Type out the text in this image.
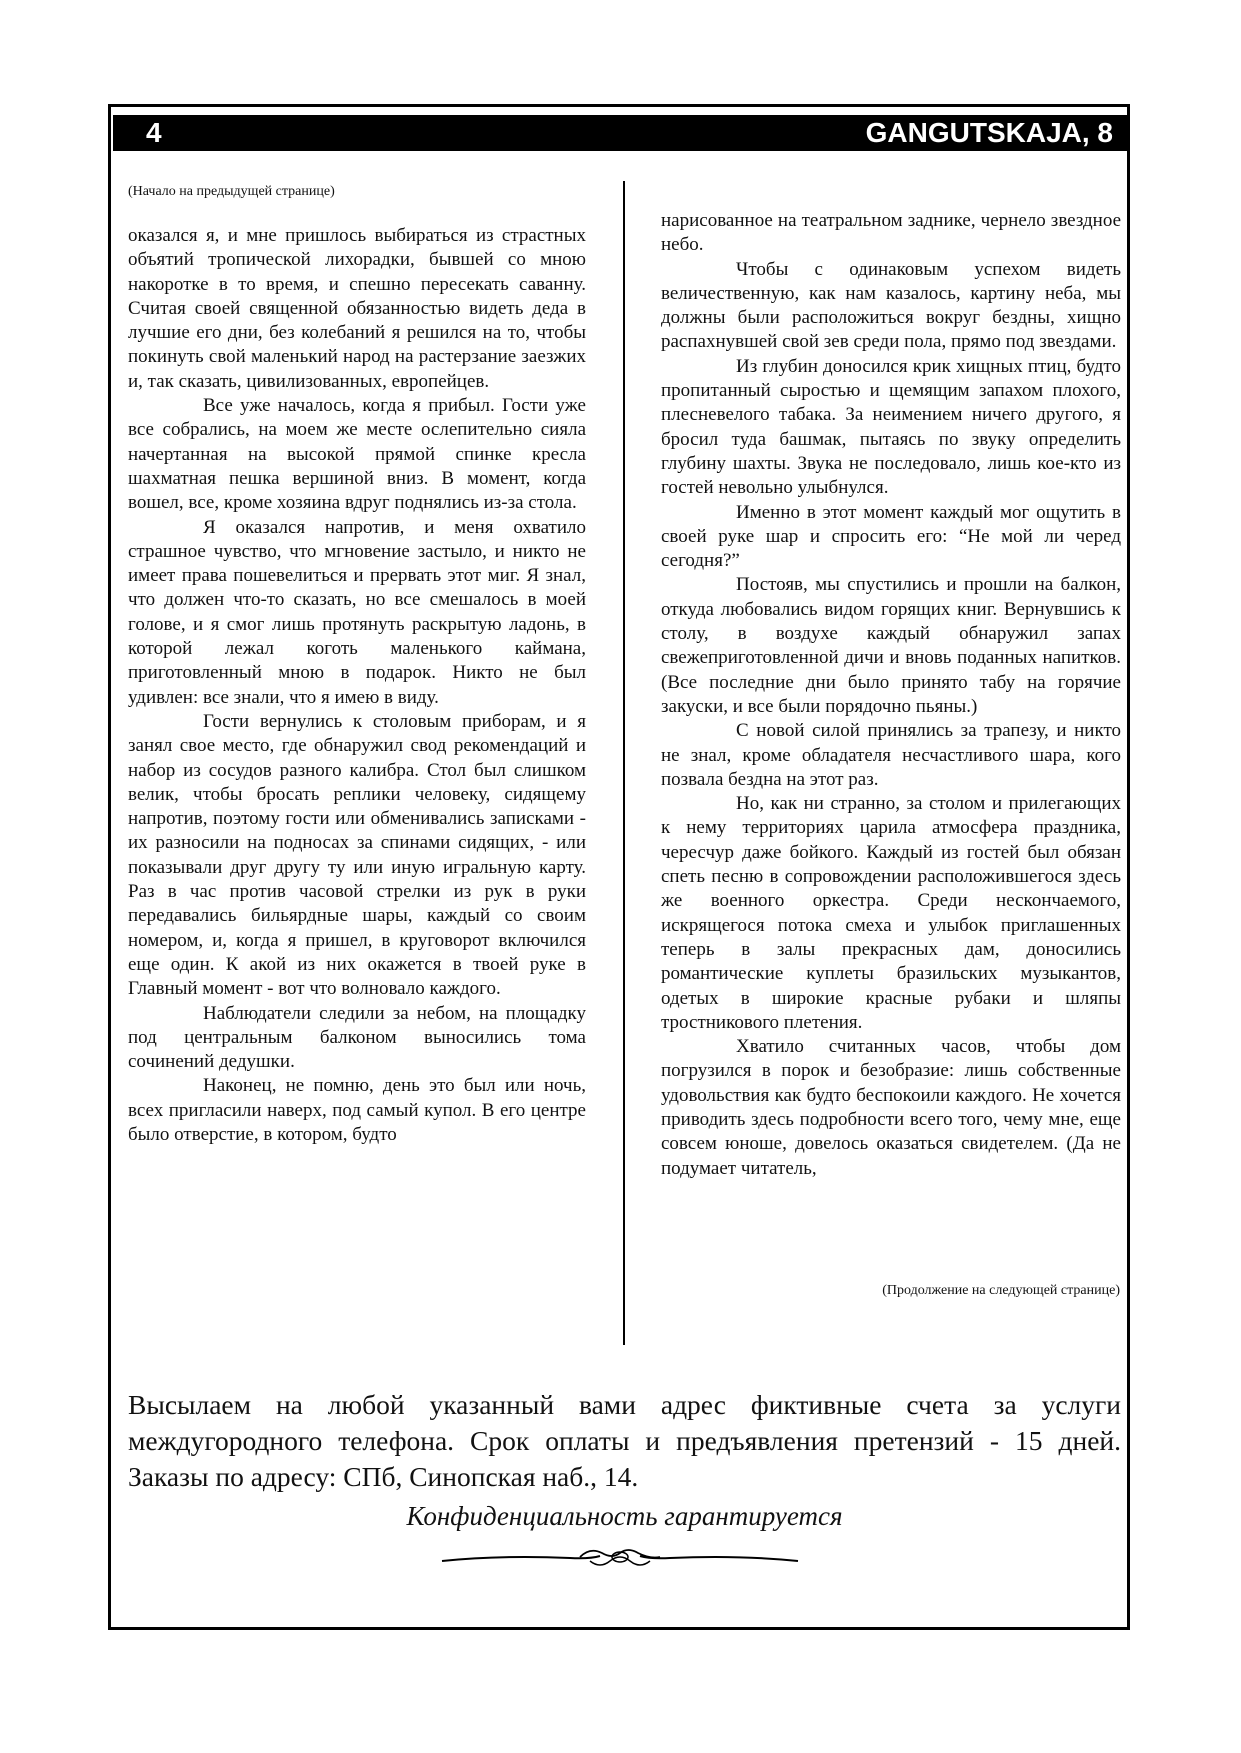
4	GANGUTSKAJA, 8
(Начало на предыдущей странице)

оказался я, и мне пришлось выбираться из страстных объятий тропической лихорадки, бывшей со мною накоротке в то время, и спешно пересекать саванну. Считая своей священной обязанностью видеть деда в лучшие его дни, без колебаний я решился на то, чтобы покинуть свой маленький народ на растерзание заезжих и, так сказать, цивилизованных, европейцев.

Все уже началось, когда я прибыл. Гости уже все собрались, на моем же месте ослепительно сияла начертанная на высокой прямой спинке кресла шахматная пешка вершиной вниз. В момент, когда вошел, все, кроме хозяина вдруг поднялись из-за стола.

Я оказался напротив, и меня охватило страшное чувство, что мгновение застыло, и никто не имеет права пошевелиться и прервать этот миг. Я знал, что должен что-то сказать, но все смешалось в моей голове, и я смог лишь протянуть раскрытую ладонь, в которой лежал коготь маленького каймана, приготовленный мною в подарок. Никто не был удивлен: все знали, что я имею в виду.

Гости вернулись к столовым приборам, и я занял свое место, где обнаружил свод рекомендаций и набор из сосудов разного калибра. Стол был слишком велик, чтобы бросать реплики человеку, сидящему напротив, поэтому гости или обменивались записками - их разносили на подносах за спинами сидящих, - или показывали друг другу ту или иную игральную карту. Раз в час против часовой стрелки из рук в руки передавались бильярдные шары, каждый со своим номером, и, когда я пришел, в круговорот включился еще один. К акой из них окажется в твоей руке в Главный момент - вот что волновало каждого.

Наблюдатели следили за небом, на площадку под центральным балконом выносились тома сочинений дедушки.

Наконец, не помню, день это был или ночь, всех пригласили наверх, под самый купол. В его центре было отверстие, в котором, будто

нарисованное на театральном заднике, чернело звездное небо.

Чтобы с одинаковым успехом видеть величественную, как нам казалось, картину неба, мы должны были расположиться вокруг бездны, хищно распахнувшей свой зев среди пола, прямо под звездами.

Из глубин доносился крик хищных птиц, будто пропитанный сыростью и щемящим запахом плохого, плесневелого табака. За неимением ничего другого, я бросил туда башмак, пытаясь по звуку определить глубину шахты. Звука не последовало, лишь кое-кто из гостей невольно улыбнулся.

Именно в этот момент каждый мог ощутить в своей руке шар и спросить его: “Не мой ли черед сегодня?”

Постояв, мы спустились и прошли на балкон, откуда любовались видом горящих книг. Вернувшись к столу, в воздухе каждый обнаружил запах свежеприготовленной дичи и вновь поданных напитков. (Все последние дни было принято табу на горячие закуски, и все были порядочно пьяны.)

С новой силой принялись за трапезу, и никто не знал, кроме обладателя несчастливого шара, кого позвала бездна на этот раз.

Но, как ни странно, за столом и прилегающих к нему территориях царила атмосфера праздника, чересчур даже бойкого. Каждый из гостей был обязан спеть песню в сопровождении расположившегося здесь же военного оркестра. Среди нескончаемого, искрящегося потока смеха и улыбок приглашенных теперь в залы прекрасных дам, доносились романтические куплеты бразильских музыкантов, одетых в широкие красные рубаки и шляпы тростникового плетения.

Хватило считанных часов, чтобы дом погрузился в порок и безобразие: лишь собственные удовольствия как будто беспокоили каждого. Не хочется приводить здесь подробности всего того, чему мне, еще совсем юноше, довелось оказаться свидетелем. (Да не подумает читатель,

(Продолжение на следующей странице)

Высылаем на любой указанный вами адрес фиктивные счета за услуги междугородного телефона. Срок оплаты и предъявления претензий - 15 дней. Заказы по адресу: СПб, Синопская наб., 14.

Конфиденциальность гарантируется
